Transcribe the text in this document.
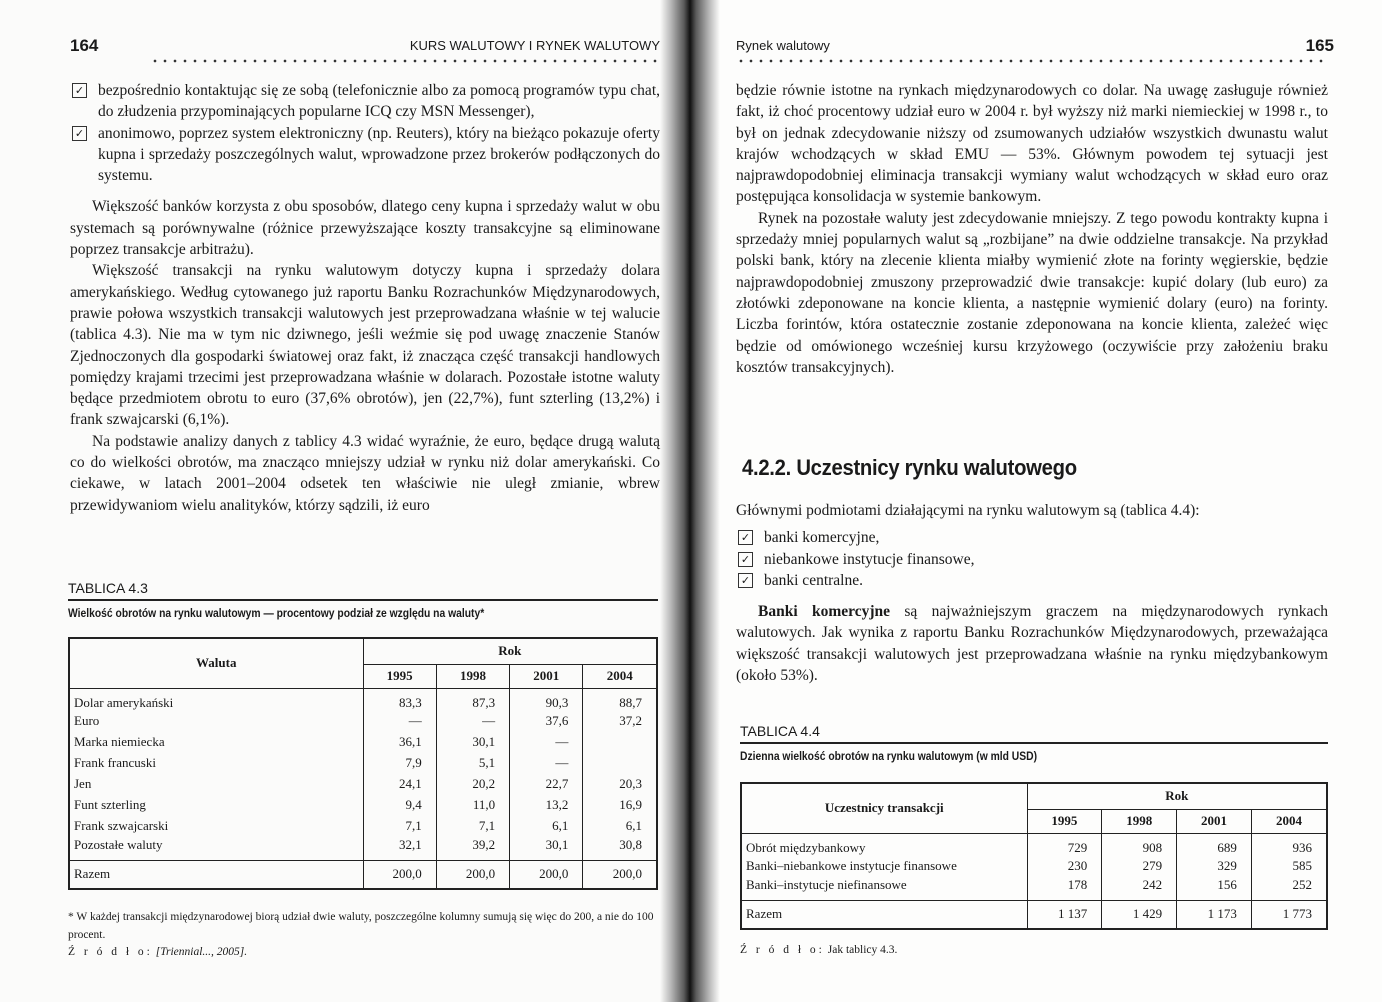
164	KURS WALUTOWY I RYNEK WALUTOWY
✓ bezpośrednio kontaktując się ze sobą (telefonicznie albo za pomocą programów typu chat, do złudzenia przypominających popularne ICQ czy MSN Messenger),
✓ anonimowo, poprzez system elektroniczny (np. Reuters), który na bieżąco pokazuje oferty kupna i sprzedaży poszczególnych walut, wprowadzone przez brokerów podłączonych do systemu.

Większość banków korzysta z obu sposobów, dlatego ceny kupna i sprzedaży walut w obu systemach są porównywalne (różnice przewyższające koszty transakcyjne są eliminowane poprzez transakcje arbitrażu).

Większość transakcji na rynku walutowym dotyczy kupna i sprzedaży dolara amerykańskiego. Według cytowanego już raportu Banku Rozrachunków Międzynarodowych, prawie połowa wszystkich transakcji walutowych jest przeprowadzana właśnie w tej walucie (tablica 4.3). Nie ma w tym nic dziwnego, jeśli weźmie się pod uwagę znaczenie Stanów Zjednoczonych dla gospodarki światowej oraz fakt, iż znacząca część transakcji handlowych pomiędzy krajami trzecimi jest przeprowadzana właśnie w dolarach. Pozostałe istotne waluty będące przedmiotem obrotu to euro (37,6% obrotów), jen (22,7%), funt szterling (13,2%) i frank szwajcarski (6,1%).

Na podstawie analizy danych z tablicy 4.3 widać wyraźnie, że euro, będące drugą walutą co do wielkości obrotów, ma znacząco mniejszy udział w rynku niż dolar amerykański. Co ciekawe, w latach 2001–2004 odsetek ten właściwie nie uległ zmianie, wbrew przewidywaniom wielu analityków, którzy sądzili, iż euro

TABLICA 4.3
Wielkość obrotów na rynku walutowym — procentowy podział ze względu na waluty*
Waluta	Rok			
	1995	1998	2001	2004
Dolar amerykański	83,3	87,3	90,3	88,7
Euro	—	—	37,6	37,2
Marka niemiecka	36,1	30,1	—	
Frank francuski	7,9	5,1	—	
Jen	24,1	20,2	22,7	20,3
Funt szterling	9,4	11,0	13,2	16,9
Frank szwajcarski	7,1	7,1	6,1	6,1
Pozostałe waluty	32,1	39,2	30,1	30,8
Razem	200,0	200,0	200,0	200,0
* W każdej transakcji międzynarodowej biorą udział dwie waluty, poszczególne kolumny sumują się więc do 200, a nie do 100 procent.
Ź r ó d ł o: [Triennial..., 2005].
Rynek walutowy	165

będzie równie istotne na rynkach międzynarodowych co dolar. Na uwagę zasługuje również fakt, iż choć procentowy udział euro w 2004 r. był wyższy niż marki niemieckiej w 1998 r., to był on jednak zdecydowanie niższy od zsumowanych udziałów wszystkich dwunastu walut krajów wchodzących w skład EMU — 53%. Głównym powodem tej sytuacji jest najprawdopodobniej eliminacja transakcji wymiany walut wchodzących w skład euro oraz postępująca konsolidacja w systemie bankowym.

Rynek na pozostałe waluty jest zdecydowanie mniejszy. Z tego powodu kontrakty kupna i sprzedaży mniej popularnych walut są „rozbijane” na dwie oddzielne transakcje. Na przykład polski bank, który na zlecenie klienta miałby wymienić złote na forinty węgierskie, będzie najprawdopodobniej zmuszony przeprowadzić dwie transakcje: kupić dolary (lub euro) za złotówki zdeponowane na koncie klienta, a następnie wymienić dolary (euro) na forinty. Liczba forintów, która ostatecznie zostanie zdeponowana na koncie klienta, zależeć więc będzie od omówionego wcześniej kursu krzyżowego (oczywiście przy założeniu braku kosztów transakcyjnych).

4.2.2. Uczestnicy rynku walutowego

Głównymi podmiotami działającymi na rynku walutowym są (tablica 4.4):

✓ banki komercyjne,
✓ niebankowe instytucje finansowe,
✓ banki centralne.

Banki komercyjne są najważniejszym graczem na międzynarodowych rynkach walutowych. Jak wynika z raportu Banku Rozrachunków Międzynarodowych, przeważająca większość transakcji walutowych jest przeprowadzana właśnie na rynku międzybankowym (około 53%).

TABLICA 4.4
Dzienna wielkość obrotów na rynku walutowym (w mld USD)
Uczestnicy transakcji	Rok			
	1995	1998	2001	2004
Obrót międzybankowy	729	908	689	936
Banki–niebankowe instytucje finansowe	230	279	329	585
Banki–instytucje niefinansowe	178	242	156	252
Razem	1 137	1 429	1 173	1 773
Ź r ó d ł o: Jak tablicy 4.3.
